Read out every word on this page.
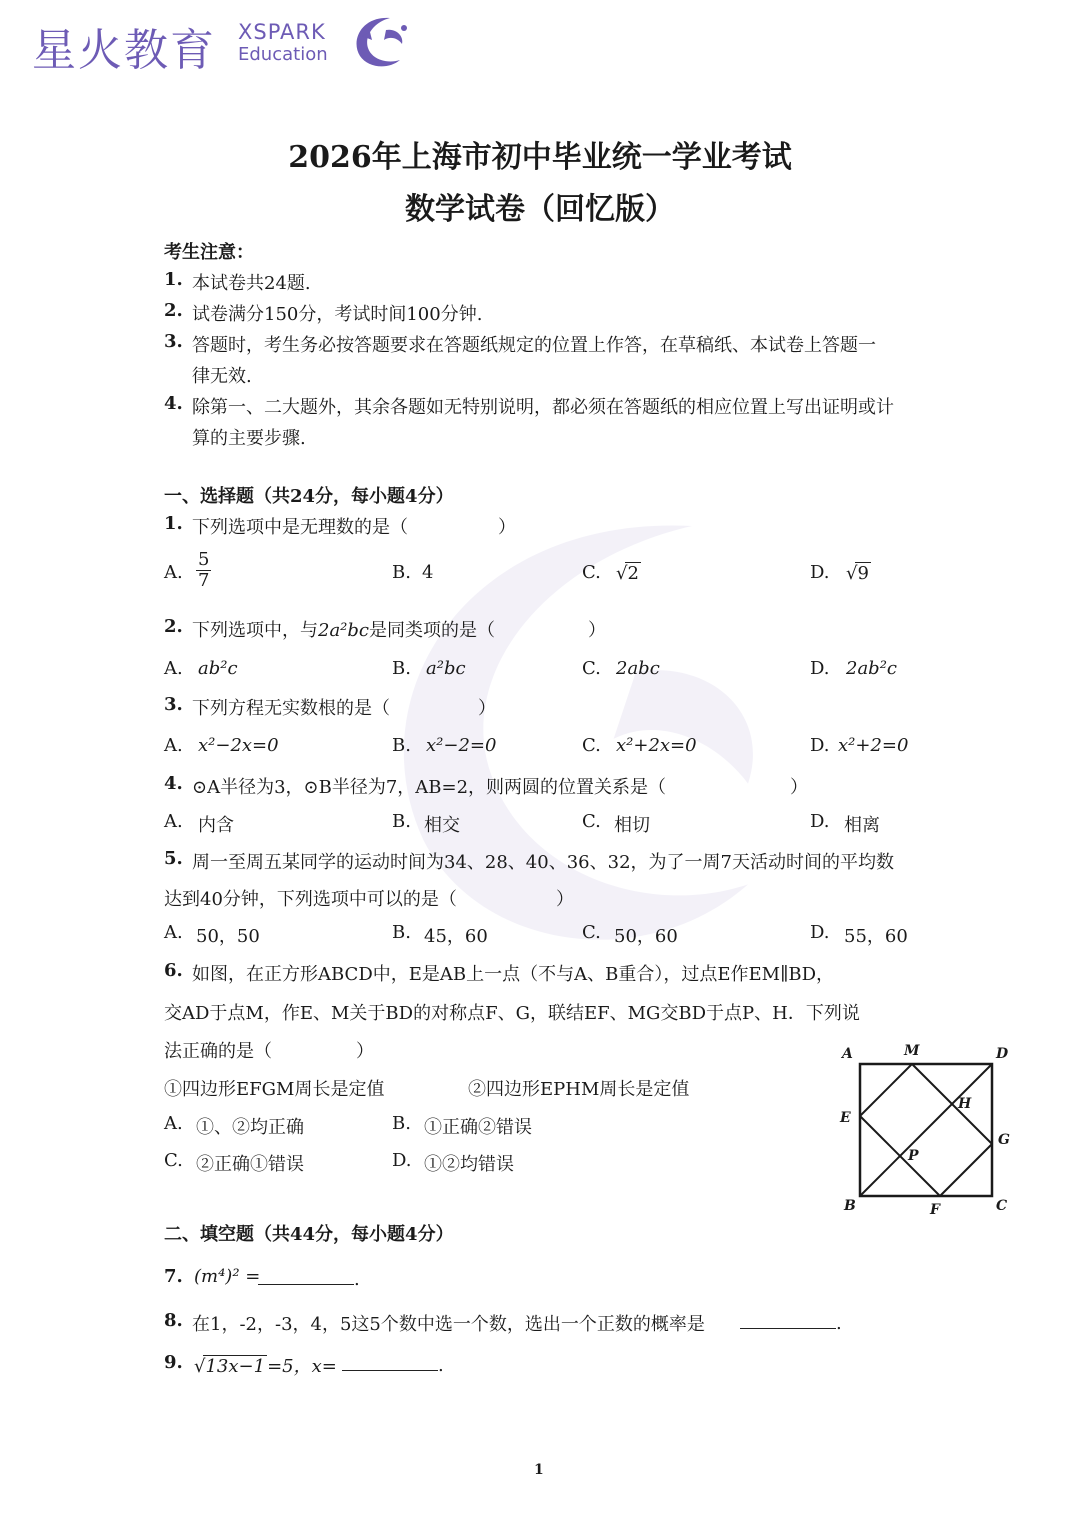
星火教育 XSPARK
Education
2026年上海市初中毕业统一学业考试
数学试卷（回忆版）
考生注意：
1. 本试卷共24题.
2. 试卷满分150分，考试时间100分钟.
3. 答题时，考生务必按答题要求在答题纸规定的位置上作答，在草稿纸、本试卷上答题一
律无效.
4. 除第一、二大题外，其余各题如无特别说明，都必须在答题纸的相应位置上写出证明或计
算的主要步骤.
一、选择题（共24分，每小题4分）
1. 下列选项中是无理数的是（	）
A. $\frac{5}{7}$	B. 4	C. √2	D. √9
2. 下列选项中，与2a²bc是同类项的是（	）
A. ab²c	B. a²bc	C. 2abc	D. 2ab²c
3. 下列方程无实数根的是（	）
A. x²−2x=0	B. x²−2=0	C. x²+2x=0	D. x²+2=0
4. ⊙A半径为3，⊙B半径为7，AB=2，则两圆的位置关系是（	）
A. 内含	B. 相交	C. 相切	D. 相离
5. 周一至周五某同学的运动时间为34、28、40、36、32，为了一周7天活动时间的平均数
达到40分钟，下列选项中可以的是（	）
A. 50，50	B. 45，60	C. 50，60	D. 55，60
6. 如图，在正方形ABCD中，E是AB上一点（不与A、B重合），过点E作EM∥BD，
交AD于点M，作E、M关于BD的对称点F、G，联结EF、MG交BD于点P、H．下列说
法正确的是（	）
①四边形EFGM周长是定值	②四边形EPHM周长是定值
A. ①、②均正确	B. ①正确②错误
C. ②正确①错误	D. ①②均错误
A	M	D
E
H
G
P
B	F	C
二、填空题（共44分，每小题4分）
7. (m⁴)² =	.
8. 在1，-2，-3，4，5这5个数中选一个数，选出一个正数的概率是	.
9. √13x−1 =5，x=	.
1
